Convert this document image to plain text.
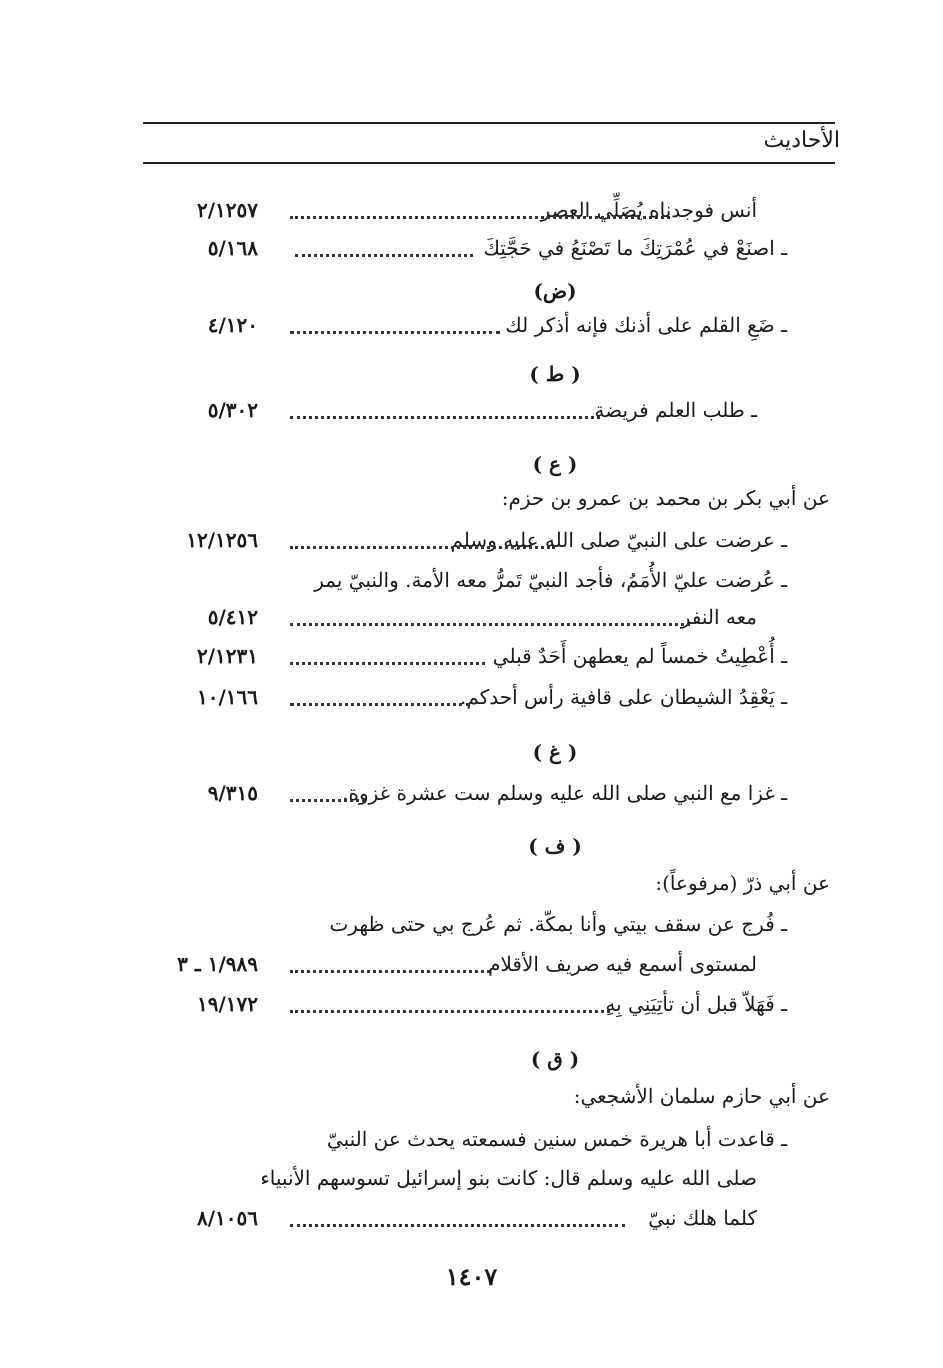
الأحاديث
أنس فوجدناه يُصَلِّي العصر
٢/١٢٥٧
ـ اصنَعْ في عُمْرَتِكَ ما تَصْنَعُ في حَجَّتِكَ
٥/١٦٨
(ض)
ـ ضَعِ القلم على أذنك فإنه أذكر لك
٤/١٢٠
( ط )
ـ طلب العلم فريضة
٥/٣٠٢
( ع )
عن أبي بكر بن محمد بن عمرو بن حزم:
ـ عرضت على النبيّ صلى الله عليه وسلم
١٢/١٢٥٦
ـ عُرضت عليّ الأُمَمُ، فأجد النبيّ تَمرُّ معه الأمة. والنبيّ يمر
معه النفر
٥/٤١٢
ـ أُعْطِيتُ خمساً لم يعطهن أَحَدٌ قبلي
٢/١٢٣١
ـ يَعْقِدُ الشيطان على قافية رأس أحدكم.
١٠/١٦٦
( غ )
ـ غزا مع النبي صلى الله عليه وسلم ست عشرة غزوة.
٩/٣١٥
( ف )
عن أبي ذرّ (مرفوعاً):
ـ فُرج عن سقف بيتي وأنا بمكّة. ثم عُرج بي حتى ظهرت
لمستوى أسمع فيه صريف الأقلام
١/٩٨٩ ـ ٣
ـ فَهَلاّ قبل أن تأتِيَنِي بِهِ
١٩/١٧٢
( ق )
عن أبي حازم سلمان الأشجعي:
ـ قاعدت أبا هريرة خمس سنين فسمعته يحدث عن النبيّ
صلى الله عليه وسلم قال: كانت بنو إسرائيل تسوسهم الأنبياء
كلما هلك نبيّ
٨/١٠٥٦
١٤٠٧
